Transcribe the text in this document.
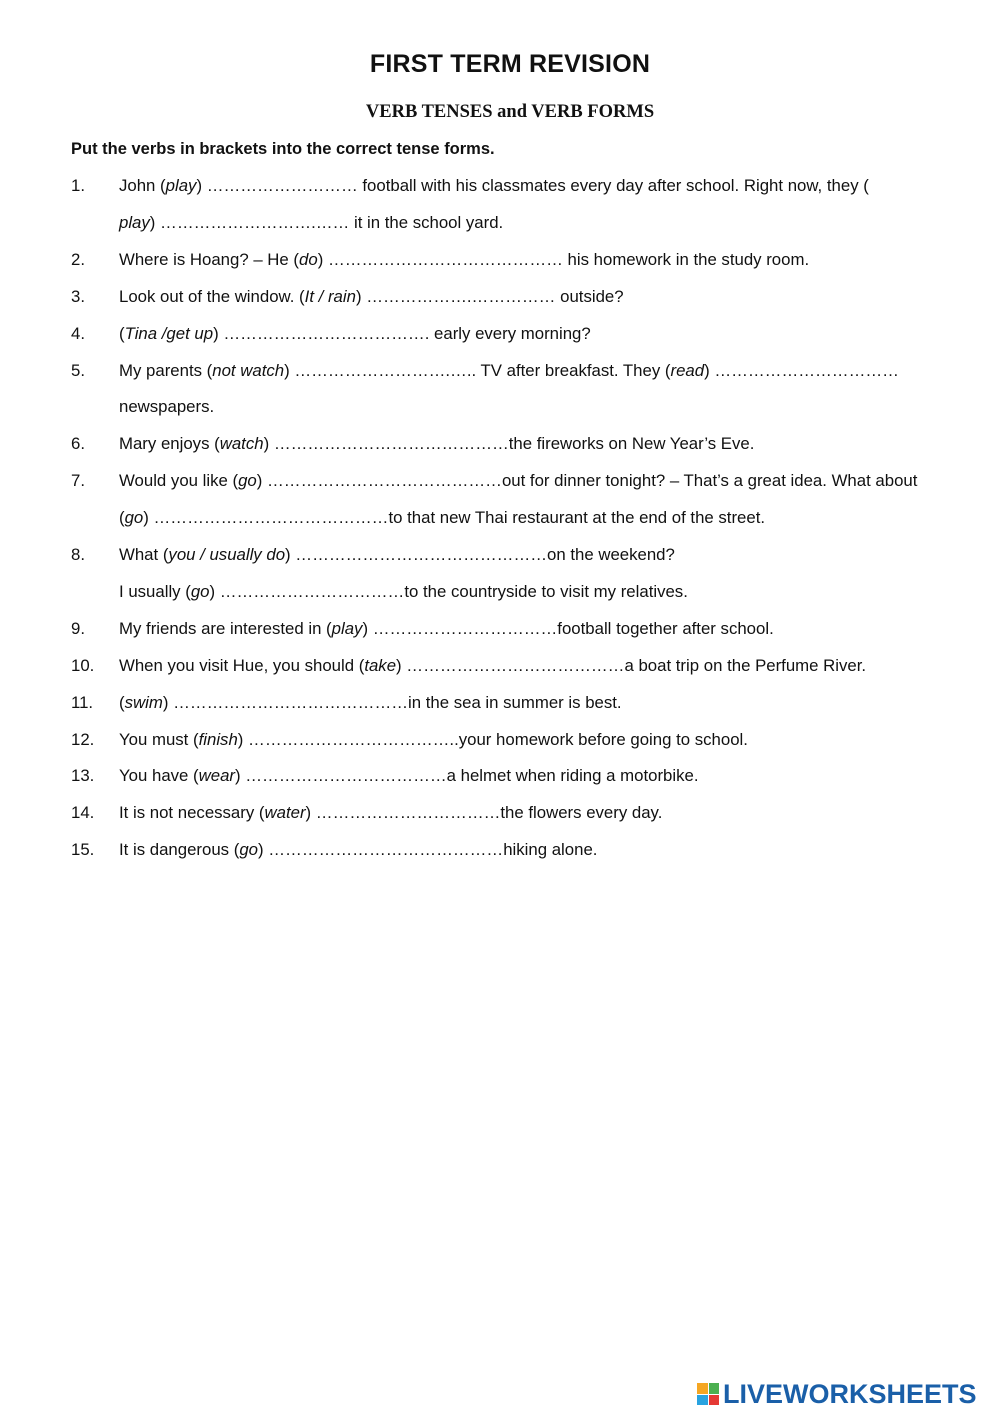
FIRST TERM REVISION
VERB TENSES and VERB FORMS
Put the verbs in brackets into the correct tense forms.
1. John (play) ……………………… football with his classmates every day after school. Right now, they (
play) ……………………….…… it in the school yard.
2. Where is Hoang? – He (do) …………………………………… his homework in the study room.
3. Look out of the window. (It / rain) ……………….…………… outside?
4. (Tina /get up) ………………………………. early every morning?
5. My parents (not watch) ……………………….….. TV after breakfast. They (read) ……………………………
newspapers.
6. Mary enjoys (watch) ……………………………………the fireworks on New Year’s Eve.
7. Would you like (go) ……………………………………out for dinner tonight? – That’s a great idea. What about
(go) ……………………………………to that new Thai restaurant at the end of the street.
8. What (you / usually do) ………………………………………on the weekend?
I usually (go) ……………………………to the countryside to visit my relatives.
9. My friends are interested in (play) ……………………………football together after school.
10. When you visit Hue, you should (take) …………………………………a boat trip on the Perfume River.
11. (swim) ……………………………………in the sea in summer is best.
12. You must (finish) ………………………………..your homework before going to school.
13. You have (wear) ………………………………a helmet when riding a motorbike.
14. It is not necessary (water) ……………………………the flowers every day.
15. It is dangerous (go) ……………………………………hiking alone.
LIVEWORKSHEETS
